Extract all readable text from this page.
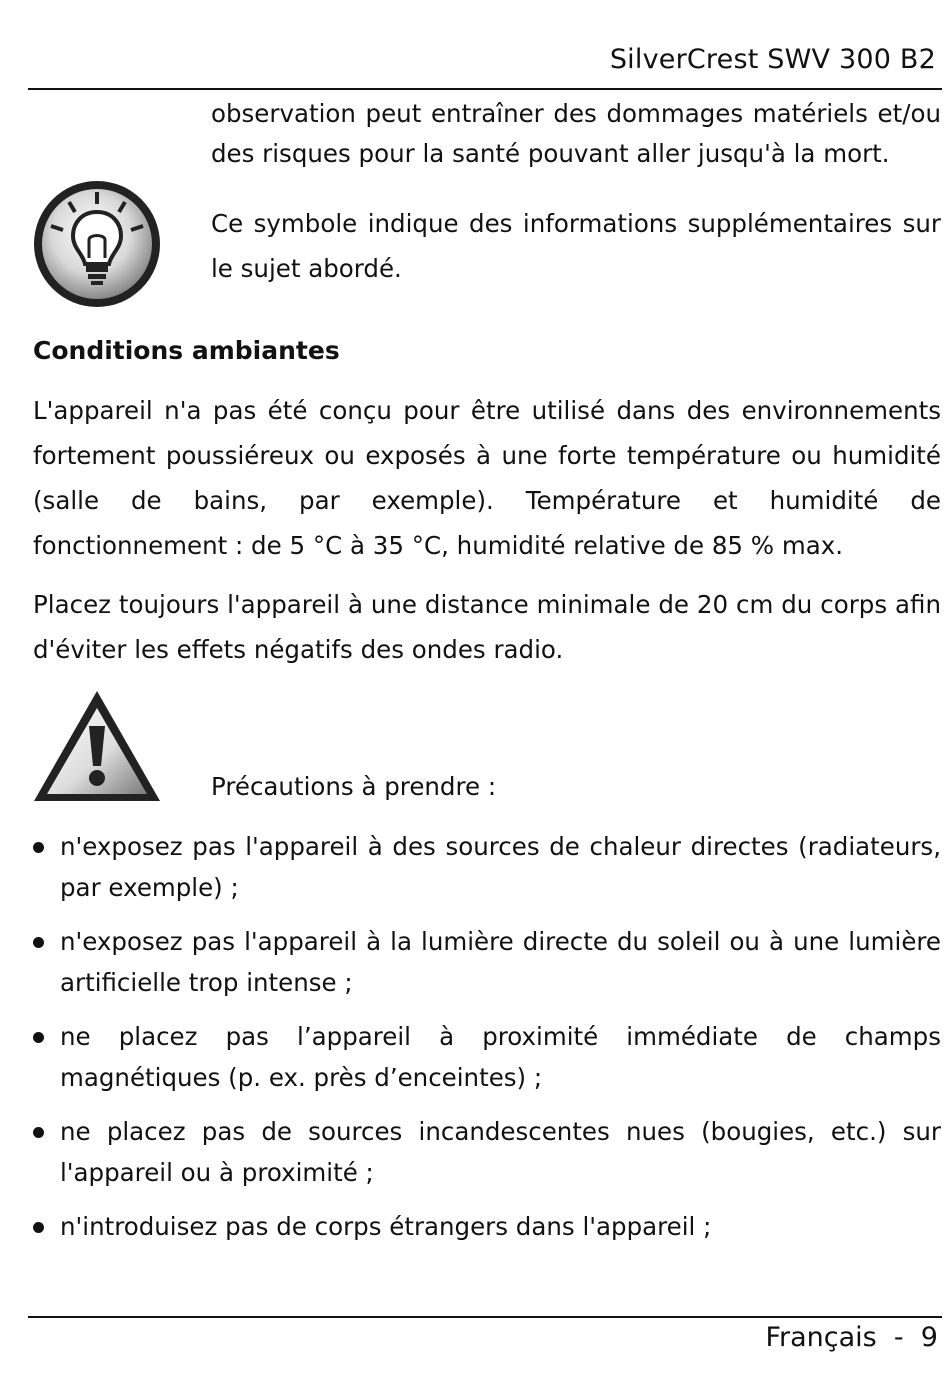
SilverCrest SWV 300 B2

observation peut entraîner des dommages matériels et/ou des risques pour la santé pouvant aller jusqu'à la mort.

Ce symbole indique des informations supplémentaires sur le sujet abordé.

Conditions ambiantes

L'appareil n'a pas été conçu pour être utilisé dans des environnements fortement poussiéreux ou exposés à une forte température ou humidité (salle de bains, par exemple). Température et humidité de fonctionnement : de 5 °C à 35 °C, humidité relative de 85 % max.

Placez toujours l'appareil à une distance minimale de 20 cm du corps afin d'éviter les effets négatifs des ondes radio.

Précautions à prendre :
n'exposez pas l'appareil à des sources de chaleur directes (radiateurs, par exemple) ;
n'exposez pas l'appareil à la lumière directe du soleil ou à une lumière artificielle trop intense ;
ne placez pas l’appareil à proximité immédiate de champs magnétiques (p. ex. près d’enceintes) ;
ne placez pas de sources incandescentes nues (bougies, etc.) sur l'appareil ou à proximité ;
n'introduisez pas de corps étrangers dans l'appareil ;
Français  -  9
